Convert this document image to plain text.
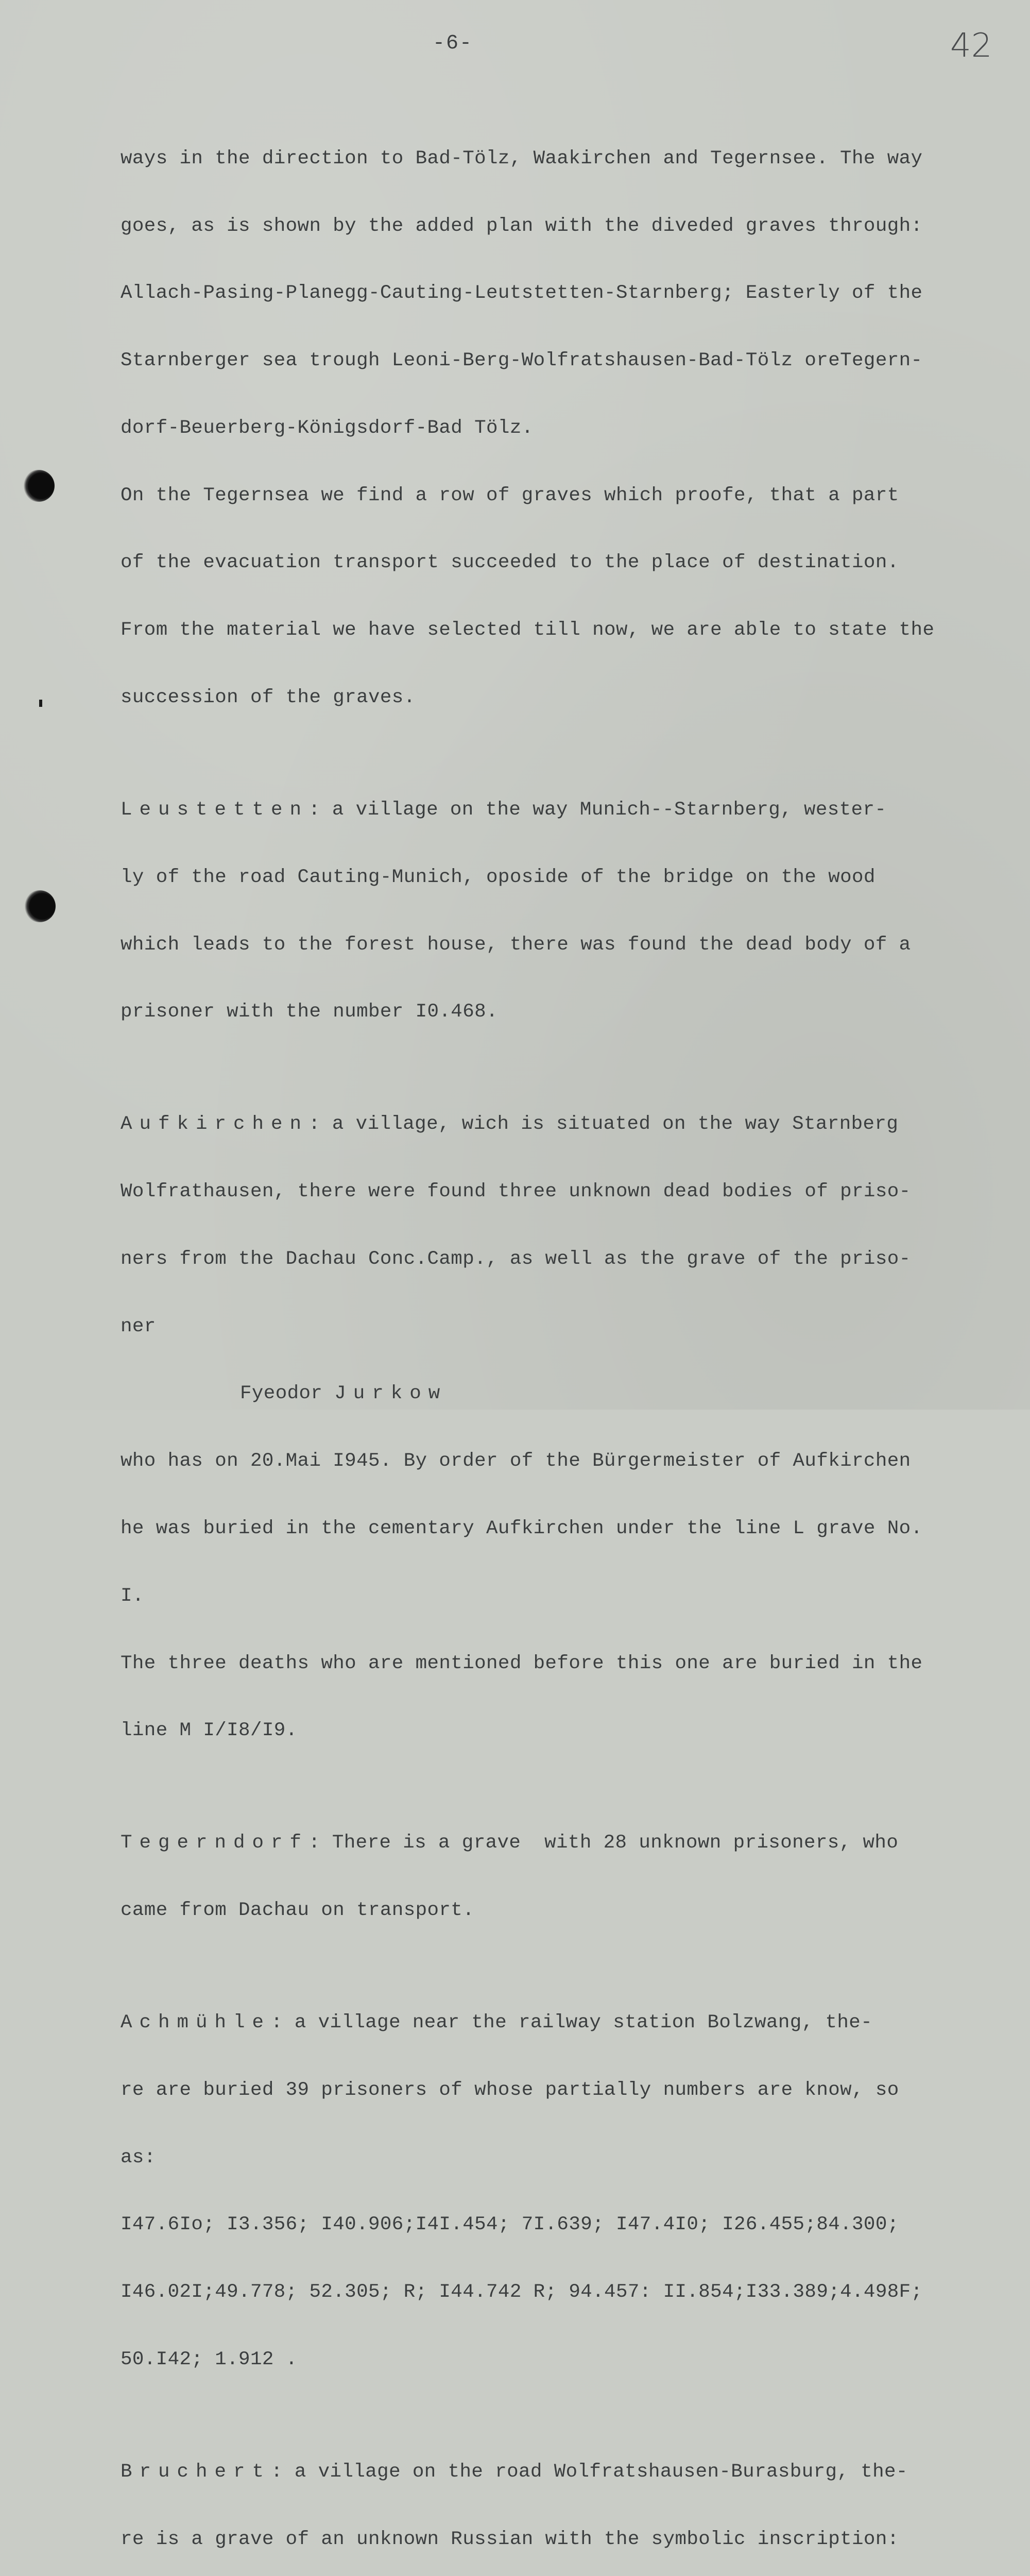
-6-	42

ways in the direction to Bad-Tölz, Waakirchen and Tegernsee. The way

goes, as is shown by the added plan with the diveded graves through:

Allach-Pasing-Planegg-Cauting-Leutstetten-Starnberg; Easterly of the

Starnberger sea trough Leoni-Berg-Wolfratshausen-Bad-Tölz oreTegern-

dorf-Beuerberg-Königsdorf-Bad Tölz.

On the Tegernsea we find a row of graves which proofe, that a part

of the evacuation transport succeeded to the place of destination.

From the material we have selected till now, we are able to state the

succession of the graves.

Leustetten: a village on the way Munich--Starnberg, wester-

ly of the road Cauting-Munich, oposide of the bridge on the wood

which leads to the forest house, there was found the dead body of a

prisoner with the number I0.468.

Aufkirchen: a village, wich is situated on the way Starnberg

Wolfrathausen, there were found three unknown dead bodies of priso-

ners from the Dachau Conc.Camp., as well as the grave of the priso-

ner

Fyeodor Jurkow

who has on 20.Mai I945. By order of the Bürgermeister of Aufkirchen

he was buried in the cementary Aufkirchen under the line L grave No.

I.

The three deaths who are mentioned before this one are buried in the

line M I/I8/I9.

Tegerndorf: There is a grave  with 28 unknown prisoners, who

came from Dachau on transport.

Achmühle: a village near the railway station Bolzwang, the-

re are buried 39 prisoners of whose partially numbers are know, so

as:

I47.6Io; I3.356; I40.906;I4I.454; 7I.639; I47.4I0; I26.455;84.300;

I46.02I;49.778; 52.305; R; I44.742 R; 94.457: II.854;I33.389;4.498F;

50.I42; 1.912 .

Bruchert: a village on the road Wolfratshausen-Burasburg, the-

re is a grave of an unknown Russian with the symbolic inscription:
